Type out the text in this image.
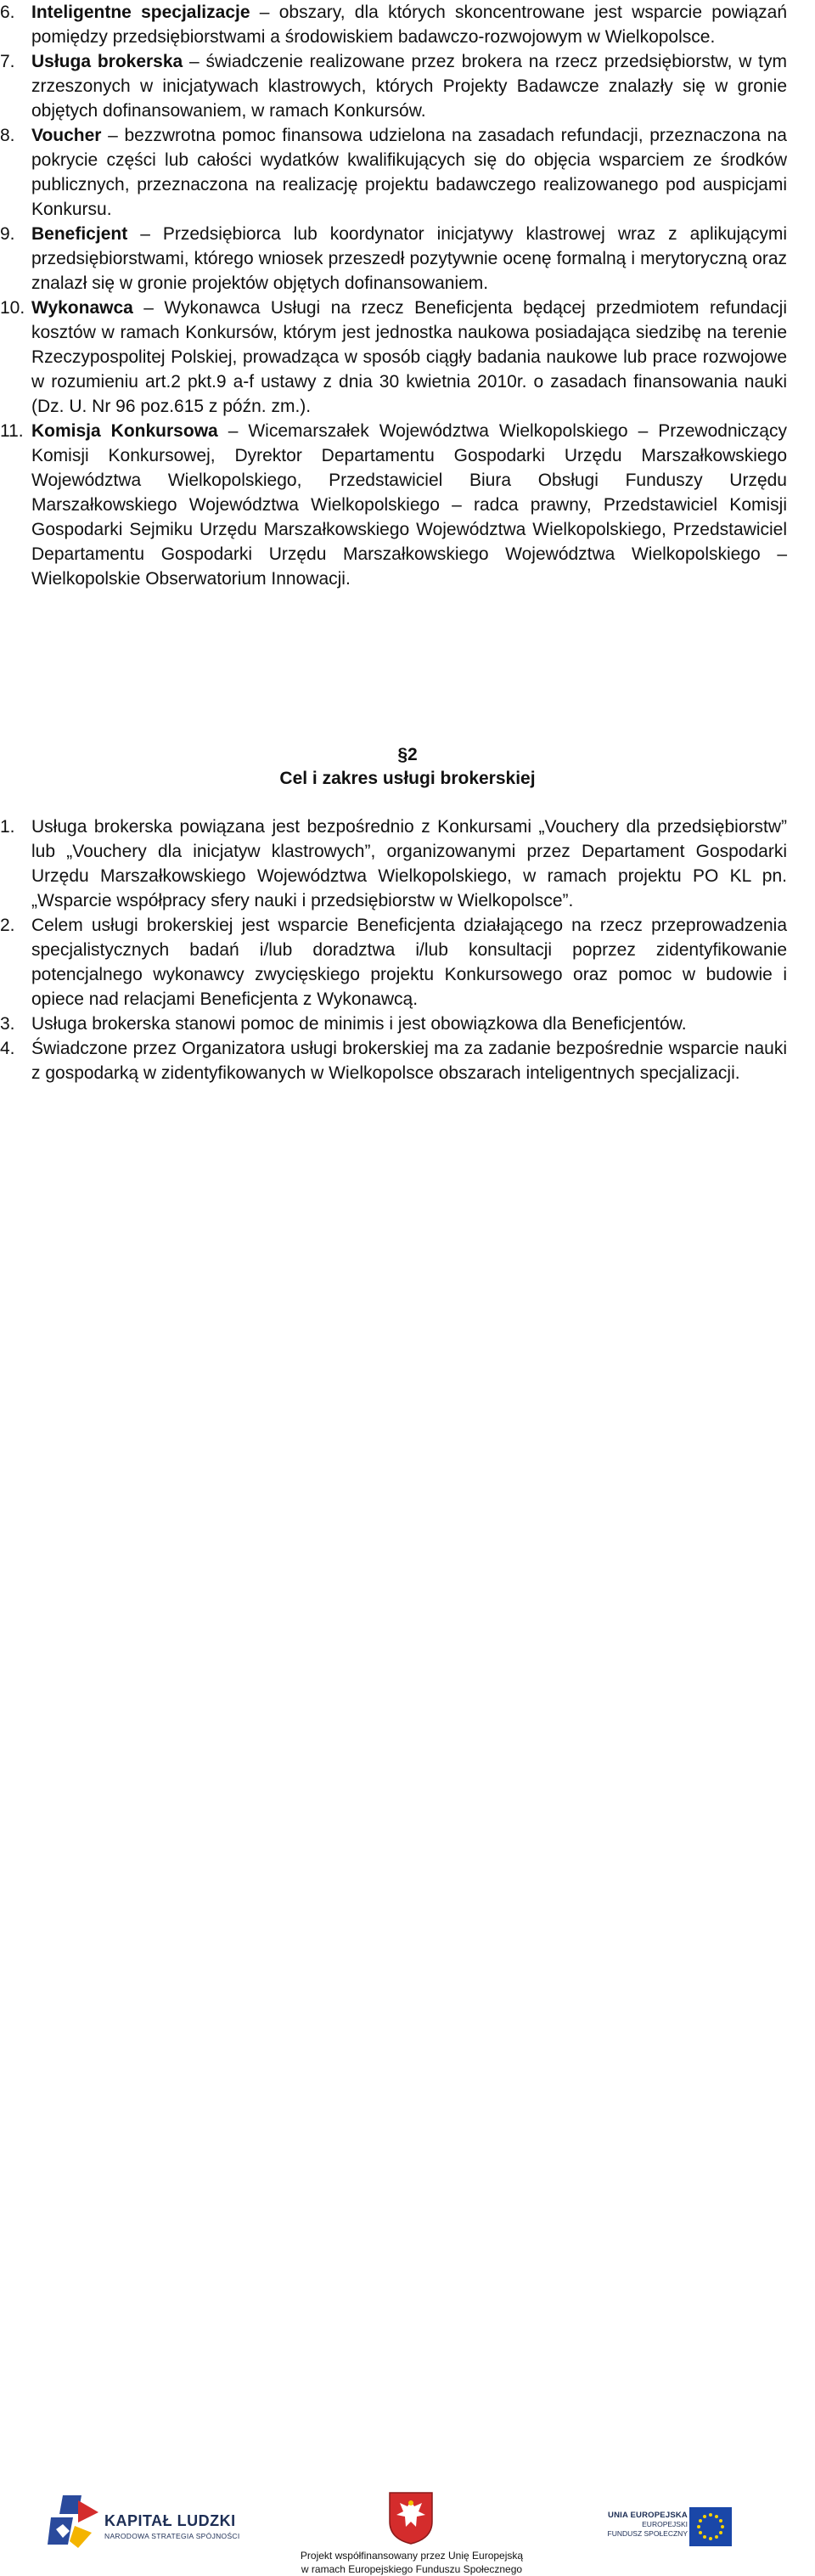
6. Inteligentne specjalizacje – obszary, dla których skoncentrowane jest wsparcie powiązań pomiędzy przedsiębiorstwami a środowiskiem badawczo-rozwojowym w Wielkopolsce.
7. Usługa brokerska – świadczenie realizowane przez brokera na rzecz przedsiębiorstw, w tym zrzeszonych w inicjatywach klastrowych, których Projekty Badawcze znalazły się w gronie objętych dofinansowaniem, w ramach Konkursów.
8. Voucher – bezzwrotna pomoc finansowa udzielona na zasadach refundacji, przeznaczona na pokrycie części lub całości wydatków kwalifikujących się do objęcia wsparciem ze środków publicznych, przeznaczona na realizację projektu badawczego realizowanego pod auspicjami Konkursu.
9. Beneficjent – Przedsiębiorca lub koordynator inicjatywy klastrowej wraz z aplikującymi przedsiębiorstwami, którego wniosek przeszedł pozytywnie ocenę formalną i merytoryczną oraz znalazł się w gronie projektów objętych dofinansowaniem.
10. Wykonawca – Wykonawca Usługi na rzecz Beneficjenta będącej przedmiotem refundacji kosztów w ramach Konkursów, którym jest jednostka naukowa posiadająca siedzibę na terenie Rzeczypospolitej Polskiej, prowadząca w sposób ciągły badania naukowe lub prace rozwojowe w rozumieniu art.2 pkt.9 a-f ustawy z dnia 30 kwietnia 2010r. o zasadach finansowania nauki (Dz. U. Nr 96 poz.615 z późn. zm.).
11. Komisja Konkursowa – Wicemarszałek Województwa Wielkopolskiego – Przewodniczący Komisji Konkursowej, Dyrektor Departamentu Gospodarki Urzędu Marszałkowskiego Województwa Wielkopolskiego, Przedstawiciel Biura Obsługi Funduszy Urzędu Marszałkowskiego Województwa Wielkopolskiego – radca prawny, Przedstawiciel Komisji Gospodarki Sejmiku Urzędu Marszałkowskiego Województwa Wielkopolskiego, Przedstawiciel Departamentu Gospodarki Urzędu Marszałkowskiego Województwa Wielkopolskiego – Wielkopolskie Obserwatorium Innowacji.
§2
Cel i zakres usługi brokerskiej
1. Usługa brokerska powiązana jest bezpośrednio z Konkursami „Vouchery dla przedsiębiorstw” lub „Vouchery dla inicjatyw klastrowych”, organizowanymi przez Departament Gospodarki Urzędu Marszałkowskiego Województwa Wielkopolskiego, w ramach projektu PO KL pn. „Wsparcie współpracy sfery nauki i przedsiębiorstw w Wielkopolsce”.
2. Celem usługi brokerskiej jest wsparcie Beneficjenta działającego na rzecz przeprowadzenia specjalistycznych badań i/lub doradztwa i/lub konsultacji poprzez zidentyfikowanie potencjalnego wykonawcy zwycięskiego projektu Konkursowego oraz pomoc w budowie i opiece nad relacjami Beneficjenta z Wykonawcą.
3. Usługa brokerska stanowi pomoc de minimis i jest obowiązkowa dla Beneficjentów.
4. Świadczone przez Organizatora usługi brokerskiej ma za zadanie bezpośrednie wsparcie nauki z gospodarką w zidentyfikowanych w Wielkopolsce obszarach inteligentnych specjalizacji.
KAPITAŁ LUDZKI
NARODOWA STRATEGIA SPÓJNOŚCI
Projekt współfinansowany przez Unię Europejską
w ramach Europejskiego Funduszu Społecznego
UNIA EUROPEJSKA
EUROPEJSKI
FUNDUSZ SPOŁECZNY
